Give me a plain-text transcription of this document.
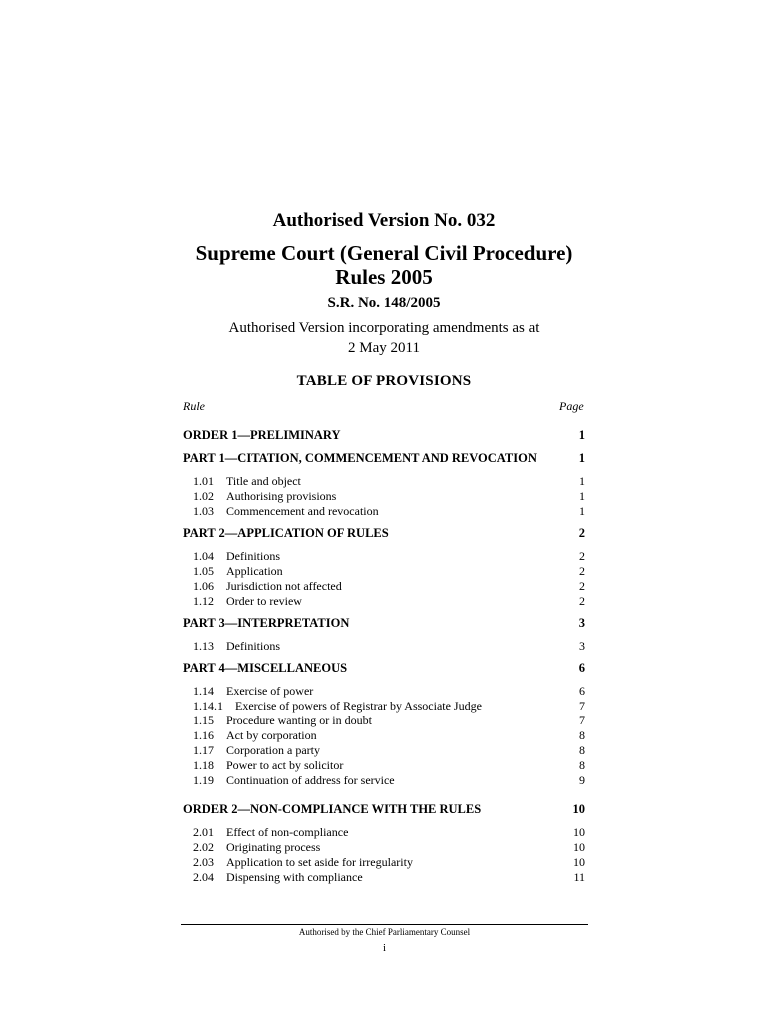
Authorised Version No. 032
Supreme Court (General Civil Procedure)
Rules 2005
S.R. No. 148/2005
Authorised Version incorporating amendments as at
2 May 2011
TABLE OF PROVISIONS
Rule	Page
ORDER 1—PRELIMINARY	1
PART 1—CITATION, COMMENCEMENT AND REVOCATION	1
1.01 Title and object	1
1.02 Authorising provisions	1
1.03 Commencement and revocation	1
PART 2—APPLICATION OF RULES	2
1.04 Definitions	2
1.05 Application	2
1.06 Jurisdiction not affected	2
1.12 Order to review	2
PART 3—INTERPRETATION	3
1.13 Definitions	3
PART 4—MISCELLANEOUS	6
1.14 Exercise of power	6
1.14.1 Exercise of powers of Registrar by Associate Judge	7
1.15 Procedure wanting or in doubt	7
1.16 Act by corporation	8
1.17 Corporation a party	8
1.18 Power to act by solicitor	8
1.19 Continuation of address for service	9
ORDER 2—NON-COMPLIANCE WITH THE RULES	10
2.01 Effect of non-compliance	10
2.02 Originating process	10
2.03 Application to set aside for irregularity	10
2.04 Dispensing with compliance	11
Authorised by the Chief Parliamentary Counsel
i
